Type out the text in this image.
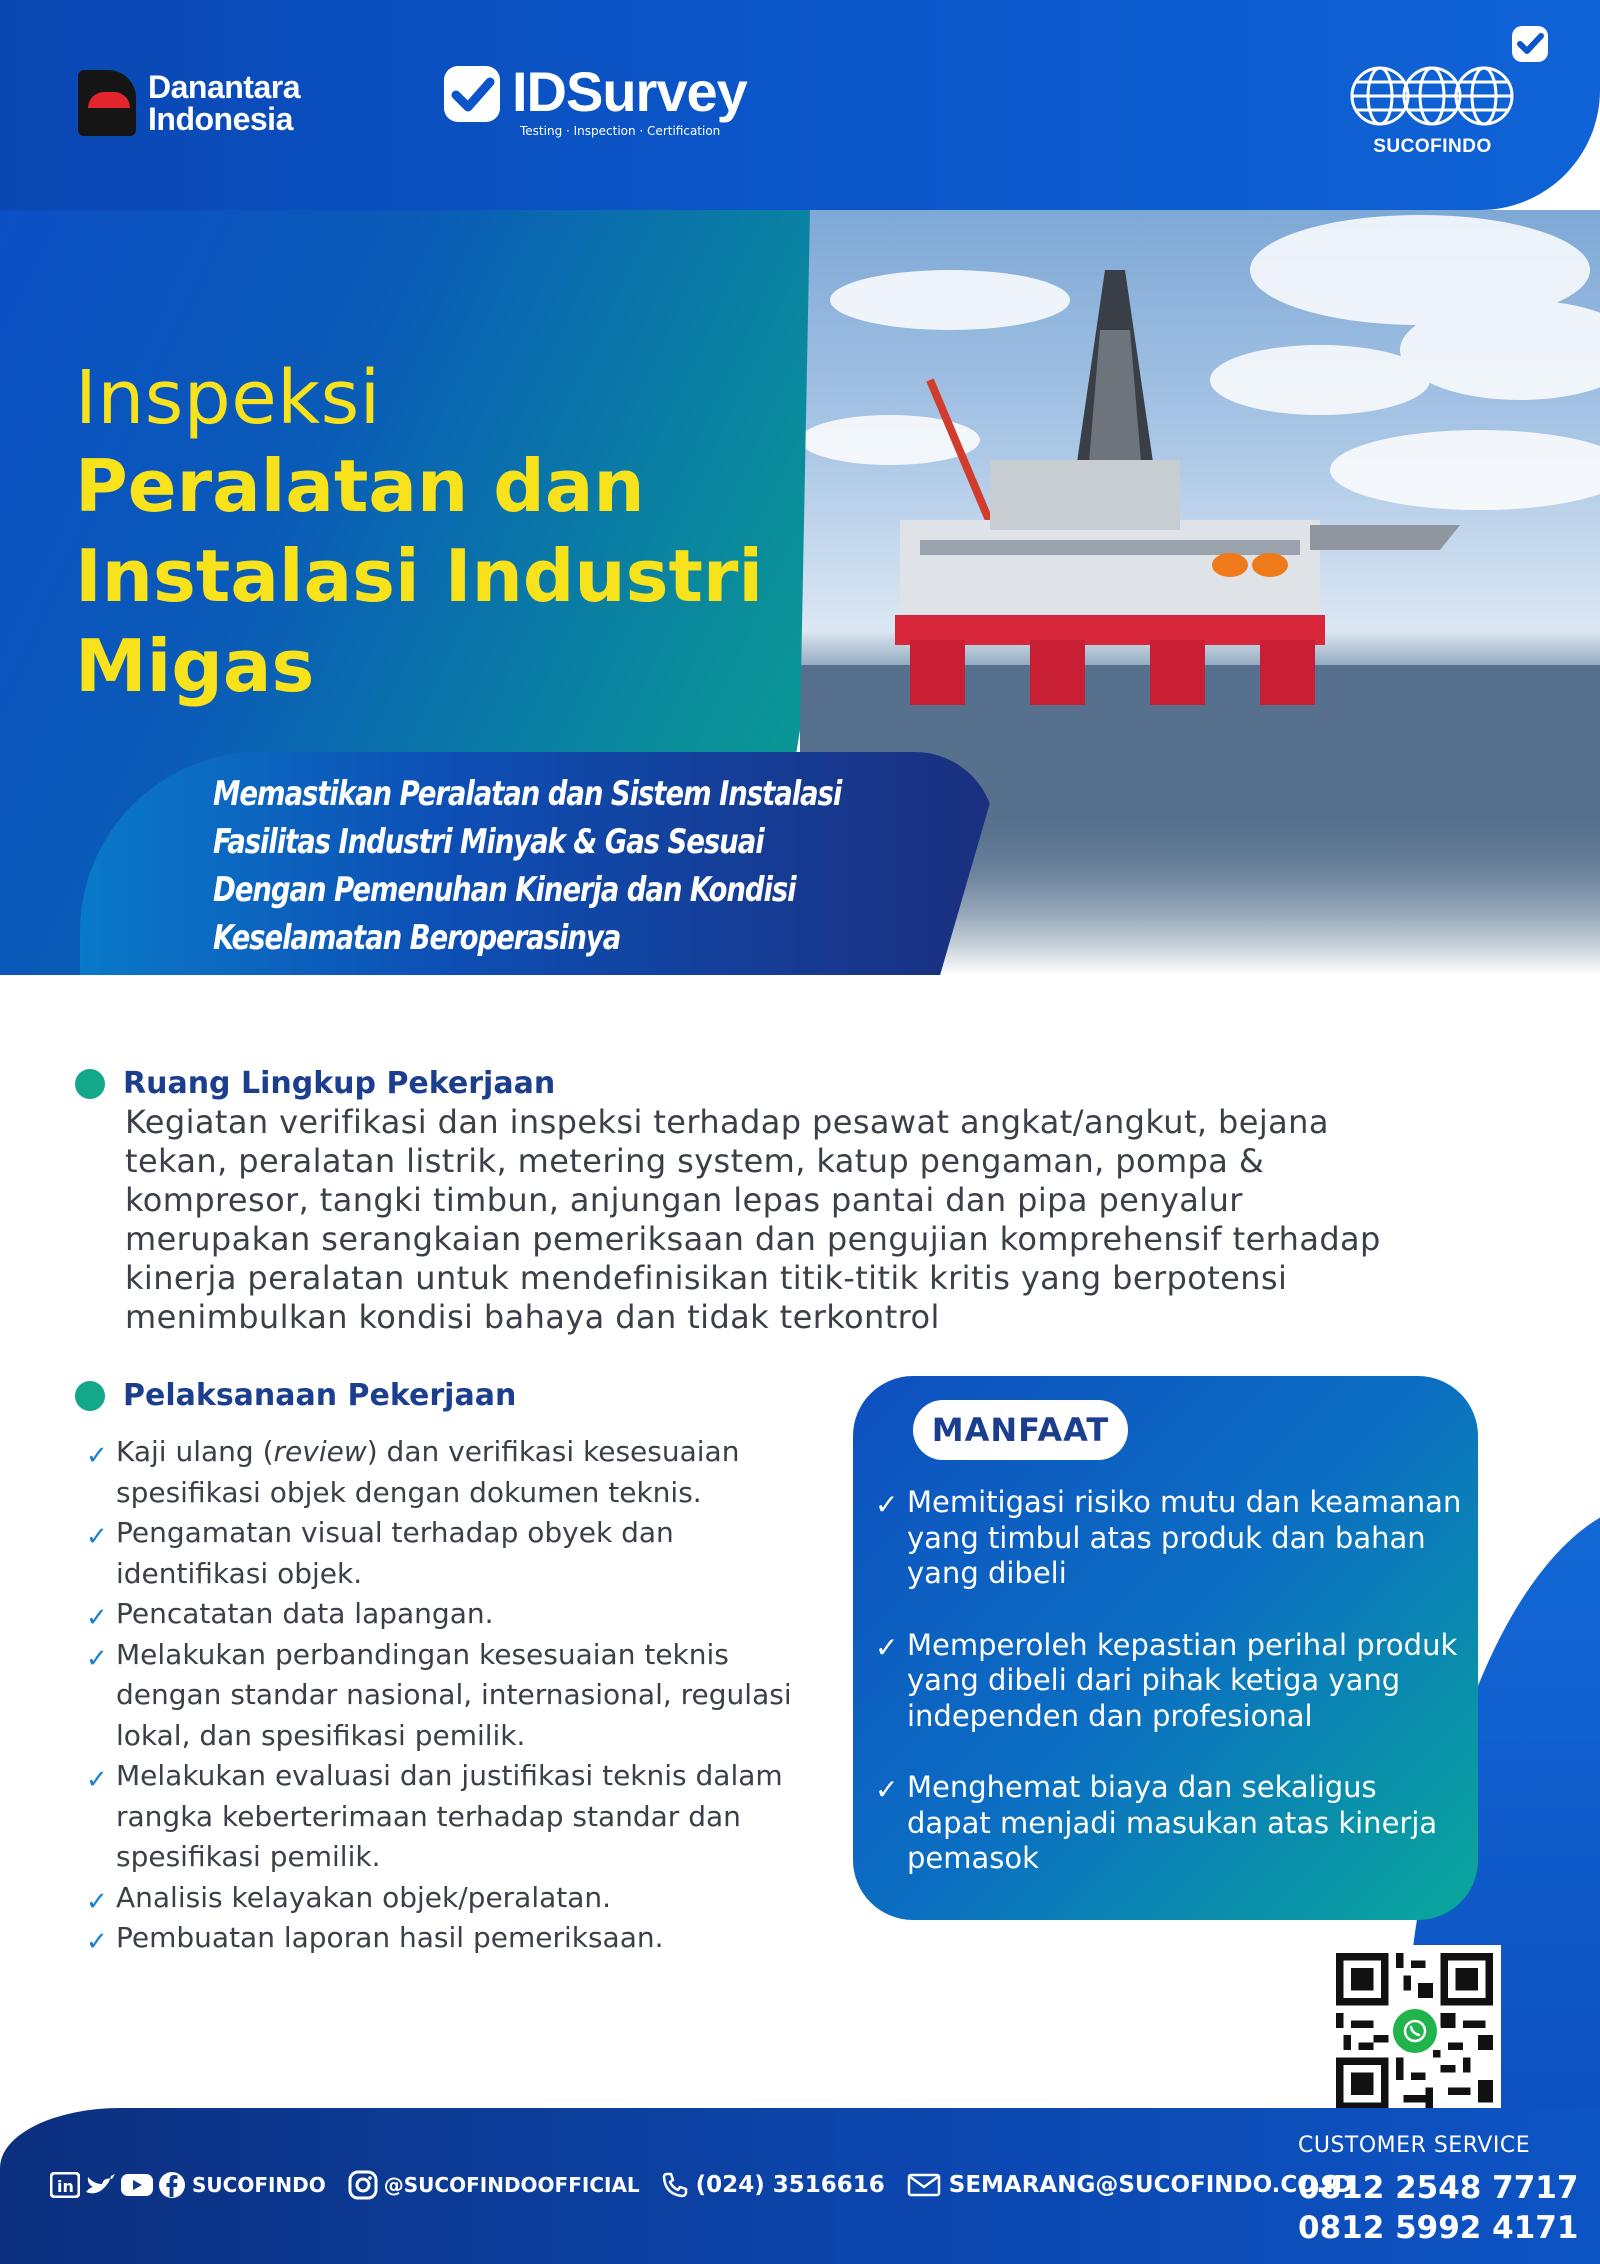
Danantara
Indonesia	IDSurvey
Testing · Inspection · Certification
SUCOFINDO
Inspeksi
Peralatan dan
Instalasi Industri
Migas
Memastikan Peralatan dan Sistem Instalasi Fasilitas Industri Minyak & Gas Sesuai Dengan Pemenuhan Kinerja dan Kondisi Keselamatan Beroperasinya
Ruang Lingkup Pekerjaan

Kegiatan verifikasi dan inspeksi terhadap pesawat angkat/angkut, bejana tekan, peralatan listrik, metering system, katup pengaman, pompa & kompresor, tangki timbun, anjungan lepas pantai dan pipa penyalur merupakan serangkaian pemeriksaan dan pengujian komprehensif terhadap kinerja peralatan untuk mendefinisikan titik-titik kritis yang berpotensi menimbulkan kondisi bahaya dan tidak terkontrol

Pelaksanaan Pekerjaan
✓ Kaji ulang (review) dan verifikasi kesesuaian spesifikasi objek dengan dokumen teknis.
✓ Pengamatan visual terhadap obyek dan identifikasi objek.
✓ Pencatatan data lapangan.
✓ Melakukan perbandingan kesesuaian teknis dengan standar nasional, internasional, regulasi lokal, dan spesifikasi pemilik.
✓ Melakukan evaluasi dan justifikasi teknis dalam rangka keberterimaan terhadap standar dan spesifikasi pemilik.
✓ Analisis kelayakan objek/peralatan.
✓ Pembuatan laporan hasil pemeriksaan.
MANFAAT
✓ Memitigasi risiko mutu dan keamanan yang timbul atas produk dan bahan yang dibeli
✓ Memperoleh kepastian perihal produk yang dibeli dari pihak ketiga yang independen dan profesional
✓ Menghemat biaya dan sekaligus dapat menjadi masukan atas kinerja pemasok
CUSTOMER SERVICE
0812 2548 7717
0812 5992 4171
in	SUCOFINDO	@SUCOFINDOOFFICIAL (024) 3516616	SEMARANG@SUCOFINDO.CO.ID
